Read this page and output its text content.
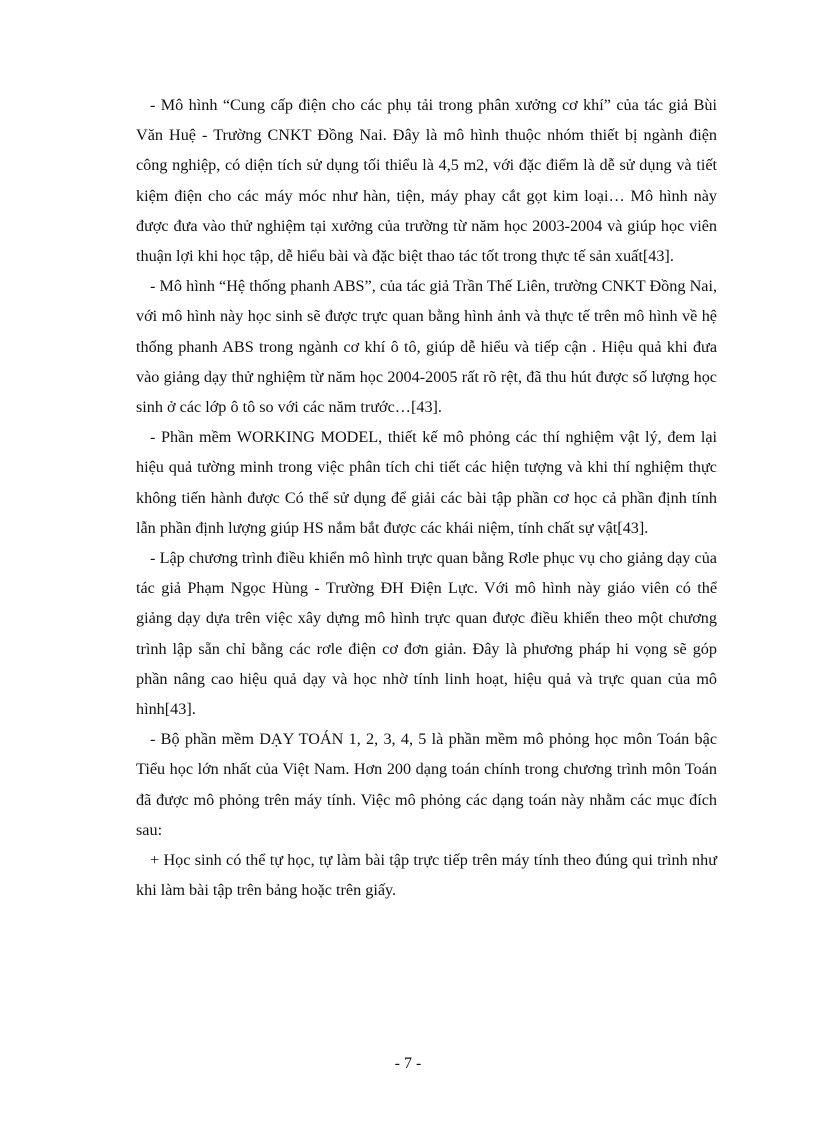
- Mô hình “Cung cấp điện cho các phụ tải trong phân xưởng cơ khí” của tác giả Bùi Văn Huệ - Trường CNKT Đồng Nai. Đây là mô hình thuộc nhóm thiết bị ngành điện công nghiệp, có diện tích sử dụng tối thiểu là 4,5 m2, với đặc điểm là dễ sử dụng và tiết kiệm điện cho các máy móc như hàn, tiện, máy phay cắt gọt kim loại… Mô hình này được đưa vào thử nghiệm tại xưởng của trường từ năm học 2003-2004 và giúp học viên thuận lợi khi học tập, dễ hiểu bài và đặc biệt thao tác tốt trong thực tế sản xuất[43].

- Mô hình “Hệ thống phanh ABS”, của tác giả Trần Thế Liên, trường CNKT Đồng Nai, với mô hình này học sinh sẽ được trực quan bằng hình ảnh và thực tế trên mô hình về hệ thống phanh ABS trong ngành cơ khí ô tô, giúp dễ hiểu và tiếp cận . Hiệu quả khi đưa vào giảng dạy thử nghiệm từ năm học 2004-2005 rất rõ rệt, đã thu hút được số lượng học sinh ở các lớp ô tô so với các năm trước…[43].

- Phần mềm WORKING MODEL, thiết kế mô phỏng các thí nghiệm vật lý, đem lại hiệu quả tường minh trong việc phân tích chi tiết các hiện tượng và khi thí nghiệm thực không tiến hành được Có thể sử dụng để giải các bài tập phần cơ học cả phần định tính lẫn phần định lượng giúp HS nắm bắt được các khái niệm, tính chất sự vật[43].

- Lập chương trình điều khiển mô hình trực quan bằng Rơle phục vụ cho giảng dạy của tác giả Phạm Ngọc Hùng - Trường ĐH Điện Lực. Với mô hình này giáo viên có thể giảng dạy dựa trên việc xây dựng mô hình trực quan được điều khiển theo một chương trình lập sẵn chỉ bằng các rơle điện cơ đơn giản. Đây là phương pháp hi vọng sẽ góp phần nâng cao hiệu quả dạy và học nhờ tính linh hoạt, hiệu quả và trực quan của mô hình[43].

- Bộ phần mềm DẠY TOÁN 1, 2, 3, 4, 5 là phần mềm mô phỏng học môn Toán bậc Tiểu học lớn nhất của Việt Nam. Hơn 200 dạng toán chính trong chương trình môn Toán đã được mô phỏng trên máy tính. Việc mô phỏng các dạng toán này nhằm các mục đích sau:

+ Học sinh có thể tự học, tự làm bài tập trực tiếp trên máy tính theo đúng qui trình như khi làm bài tập trên bảng hoặc trên giấy.

- 7 -
